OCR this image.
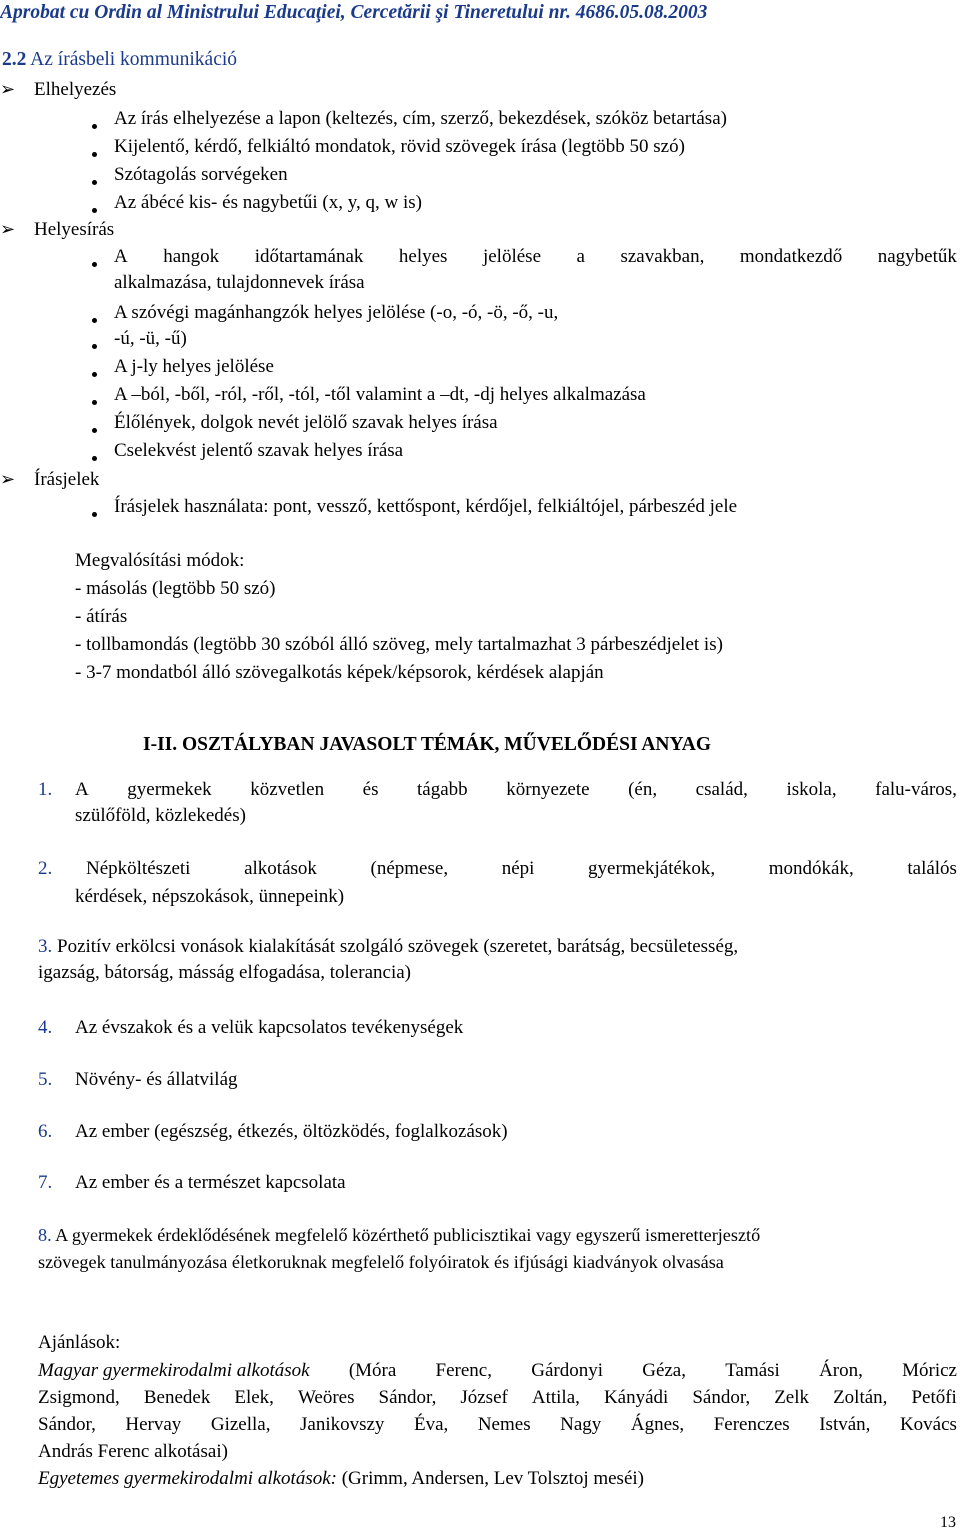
Aprobat cu Ordin al Ministrului Educaţiei, Cercetării şi Tineretului nr. 4686.05.08.2003
2.2 Az írásbeli kommunikáció
➢ Elhelyezés
Az írás elhelyezése a lapon (keltezés, cím, szerző, bekezdések, szóköz betartása)
Kijelentő, kérdő, felkiáltó mondatok, rövid szövegek írása (legtöbb 50 szó)
Szótagolás sorvégeken
Az ábécé kis- és nagybetűi (x, y, q, w is)
➢ Helyesírás
A hangok időtartamának helyes jelölése a szavakban, mondatkezdő nagybetűk
alkalmazása, tulajdonnevek írása
A szóvégi magánhangzók helyes jelölése (-o, -ó, -ö, -ő, -u,
-ú, -ü, -ű)
A j-ly helyes jelölése
A –ból, -ből, -ról, -ről, -tól, -től valamint a –dt, -dj helyes alkalmazása
Élőlények, dolgok nevét jelölő szavak helyes írása
Cselekvést jelentő szavak helyes írása
➢ Írásjelek
Írásjelek használata: pont, vessző, kettőspont, kérdőjel, felkiáltójel, párbeszéd jele
Megvalósítási módok:
- másolás (legtöbb 50 szó)
- átírás
- tollbamondás (legtöbb 30 szóból álló szöveg, mely tartalmazhat 3 párbeszédjelet is)
- 3-7 mondatból álló szövegalkotás képek/képsorok, kérdések alapján
I-II. OSZTÁLYBAN JAVASOLT TÉMÁK, MŰVELŐDÉSI ANYAG
1. A gyermekek közvetlen és tágabb környezete (én, család, iskola, falu-város,
szülőföld, közlekedés)
2. Népköltészeti	alkotások	(népmese,	népi	gyermekjátékok,	mondókák,	találós
kérdések, népszokások, ünnepeink)
3. Pozitív erkölcsi vonások kialakítását szolgáló szövegek (szeretet, barátság, becsületesség,
igazság, bátorság, másság elfogadása, tolerancia)
4. Az évszakok és a velük kapcsolatos tevékenységek
5. Növény- és állatvilág
6. Az ember (egészség, étkezés, öltözködés, foglalkozások)
7. Az ember és a természet kapcsolata
8. A gyermekek érdeklődésének megfelelő közérthető publicisztikai vagy egyszerű ismeretterjesztő
szövegek tanulmányozása életkoruknak megfelelő folyóiratok és ifjúsági kiadványok olvasása
Ajánlások:
Magyar gyermekirodalmi alkotások (Móra Ferenc, Gárdonyi Géza, Tamási Áron, Móricz
Zsigmond, Benedek Elek, Weöres Sándor, József Attila, Kányádi Sándor, Zelk Zoltán, Petőfi
Sándor, Hervay Gizella, Janikovszy Éva, Nemes Nagy Ágnes, Ferenczes István, Kovács
András Ferenc alkotásai)
Egyetemes gyermekirodalmi alkotások: (Grimm, Andersen, Lev Tolsztoj meséi)
13
